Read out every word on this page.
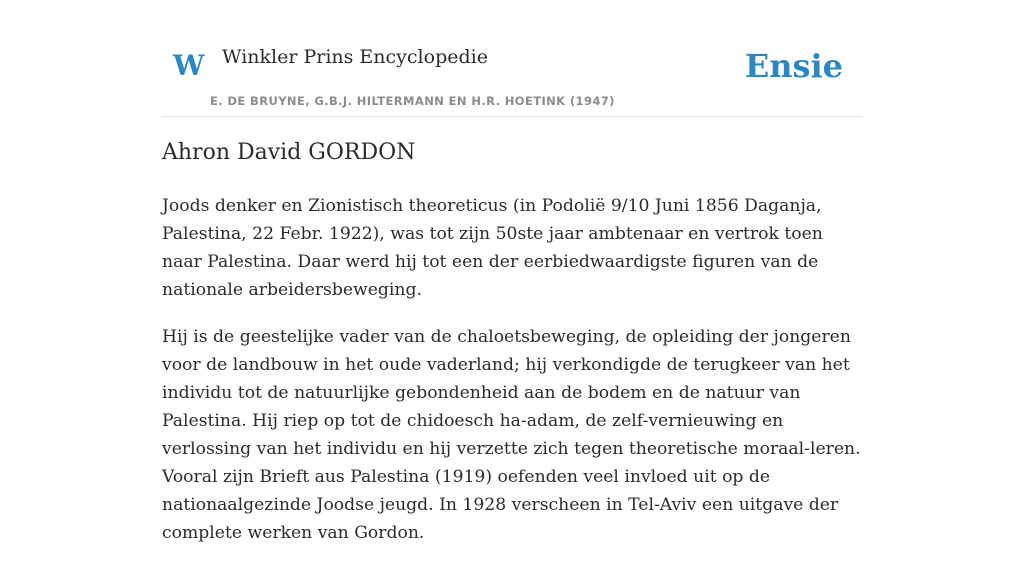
W Winkler Prins Encyclopedie
E. DE BRUYNE, G.B.J. HILTERMANN EN H.R. HOETINK (1947)
Ensie
Ahron David GORDON

Joods denker en Zionistisch theoreticus (in Podolië 9/10 Juni 1856 Daganja, Palestina, 22 Febr. 1922), was tot zijn 50ste jaar ambtenaar en vertrok toen naar Palestina. Daar werd hij tot een der eerbiedwaardigste figuren van de nationale arbeidersbeweging.

Hij is de geestelijke vader van de chaloetsbeweging, de opleiding der jongeren voor de landbouw in het oude vaderland; hij verkondigde de terugkeer van het individu tot de natuurlijke gebondenheid aan de bodem en de natuur van Palestina. Hij riep op tot de chidoesch ha-adam, de zelf-vernieuwing en verlossing van het individu en hij verzette zich tegen theoretische moraal-leren. Vooral zijn Brieft aus Palestina (1919) oefenden veel invloed uit op de nationaalgezinde Joodse jeugd. In 1928 verscheen in Tel-Aviv een uitgave der complete werken van Gordon.
